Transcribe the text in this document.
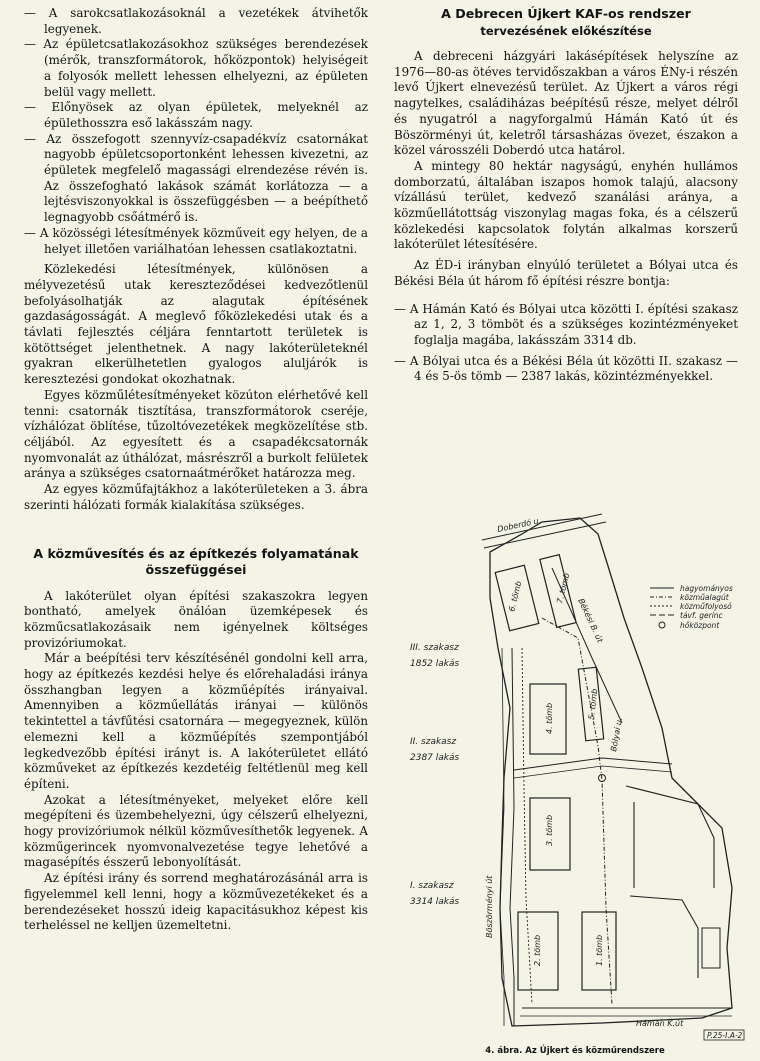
— A sarokcsatlakozásoknál a vezetékek átvihetők legyenek.

— Az épületcsatlakozásokhoz szükséges berendezések (mérők, transzformátorok, hőközpontok) helyiségeit a folyosók mellett lehessen elhelyezni, az épületen belül vagy mellett.

— Előnyösek az olyan épületek, melyeknél az épülethosszra eső lakásszám nagy.

— Az összefogott szennyvíz-csapadékvíz csatornákat nagyobb épületcsoportonként lehessen kivezetni, az épületek megfelelő magassági elrendezése révén is. Az összefogható lakások számát korlátozza — a lejtésviszonyokkal is összefüggésben — a beépíthető legnagyobb csőátmérő is.

— A közösségi létesítmények közműveit egy helyen, de a helyet illetően variálhatóan lehessen csatlakoztatni.

Közlekedési létesítmények, különösen a mélyvezetésű utak kereszteződései kedvezőtlenül befolyásolhatják az alagutak építésének gazdaságosságát. A meglevő főközlekedési utak és a távlati fejlesztés céljára fenntartott területek is kötöttséget jelenthetnek. A nagy lakóterületeknél gyakran elkerülhetetlen gyalogos aluljárók is keresztezési gondokat okozhatnak.

Egyes közműlétesítményeket közúton elérhetővé kell tenni: csatornák tisztítása, transzformátorok cseréje, vízhálózat öblítése, tűzoltóvezetékek megközelítése stb. céljából. Az egyesített és a csapadékcsatornák nyomvonalát az úthálózat, másrészről a burkolt felületek aránya a szükséges csatornaátmérőket határozza meg.

Az egyes közműfajtákhoz a lakóterületeken a 3. ábra szerinti hálózati formák kialakítása szükséges.

A közművesítés és az építkezés folyamatának összefüggései

A lakóterület olyan építési szakaszokra legyen bontható, amelyek önálóan üzemképesek és közműcsatlakozásaik nem igényelnek költséges provizóriumokat.

Már a beépítési terv készítésénél gondolni kell arra, hogy az építkezés kezdési helye és előrehaladási iránya összhangban legyen a közműépítés irányaival. Amennyiben a közműellátás irányai — különös tekintettel a távfűtési csatornára — megegyeznek, külön elemezni kell a közműépítés szempontjából legkedvezőbb építési irányt is. A lakóterületet ellátó közműveket az építkezés kezdetéig feltétlenül meg kell építeni.

Azokat a létesítményeket, melyeket előre kell megépíteni és üzembehelyezni, úgy célszerű elhelyezni, hogy provizóriumok nélkül közművesíthetők legyenek. A közműgerincek nyomvonalvezetése tegye lehetővé a magasépítés ésszerű lebonyolítását.

Az építési irány és sorrend meghatározásánál arra is figyelemmel kell lenni, hogy a közművezetékeket és a berendezéseket hosszú ideig kapacitásukhoz képest kis terheléssel ne kelljen üzemeltetni.

A Debrecen Újkert KAF-os rendszer
tervezésének előkészítése

A debreceni házgyári lakásépítések helyszíne az 1976—80-as ötéves tervidőszakban a város ÉNy-i részén levő Újkert elnevezésű terület. Az Újkert a város régi nagytelkes, családiházas beépítésű része, melyet délről és nyugatról a nagyforgalmú Hámán Kató út és Böszörményi út, keletről társasházas övezet, északon a közel városszéli Doberdó utca határol.

A mintegy 80 hektár nagyságú, enyhén hullámos domborzatú, általában iszapos homok talajú, alacsony vízállású terület, kedvező szanálási aránya, a közműellátottság viszonylag magas foka, és a célszerű közlekedési kapcsolatok folytán alkalmas korszerű lakóterület létesítésére.

Az ÉD-i irányban elnyúló területet a Bólyai utca és Békési Béla út három fő építési részre bontja:

— A Hámán Kató és Bólyai utca közötti I. építési szakasz az 1, 2, 3 tömböt és a szükséges kozintézményeket foglalja magába, lakásszám 3314 db.

— A Bólyai utca és a Békési Béla út közötti II. szakasz — 4 és 5-ös tömb — 2387 lakás, közintézményekkel.

Doberdó u.
Békési B. út
Böszörményi út
Bólyai u.
Hámán K.út
6. tömb	7. tömb
5. tömb
4. tömb
3. tömb
2. tömb	1. tömb
III. szakasz
1852 lakás
II. szakasz
2387 lakás
I. szakasz
3314 lakás
hagyományos
közműalagút
közműfolyosó
távf. gerinc
hőközpont
P.25-I.A-2
4. ábra. Az Újkert és közműrendszere
